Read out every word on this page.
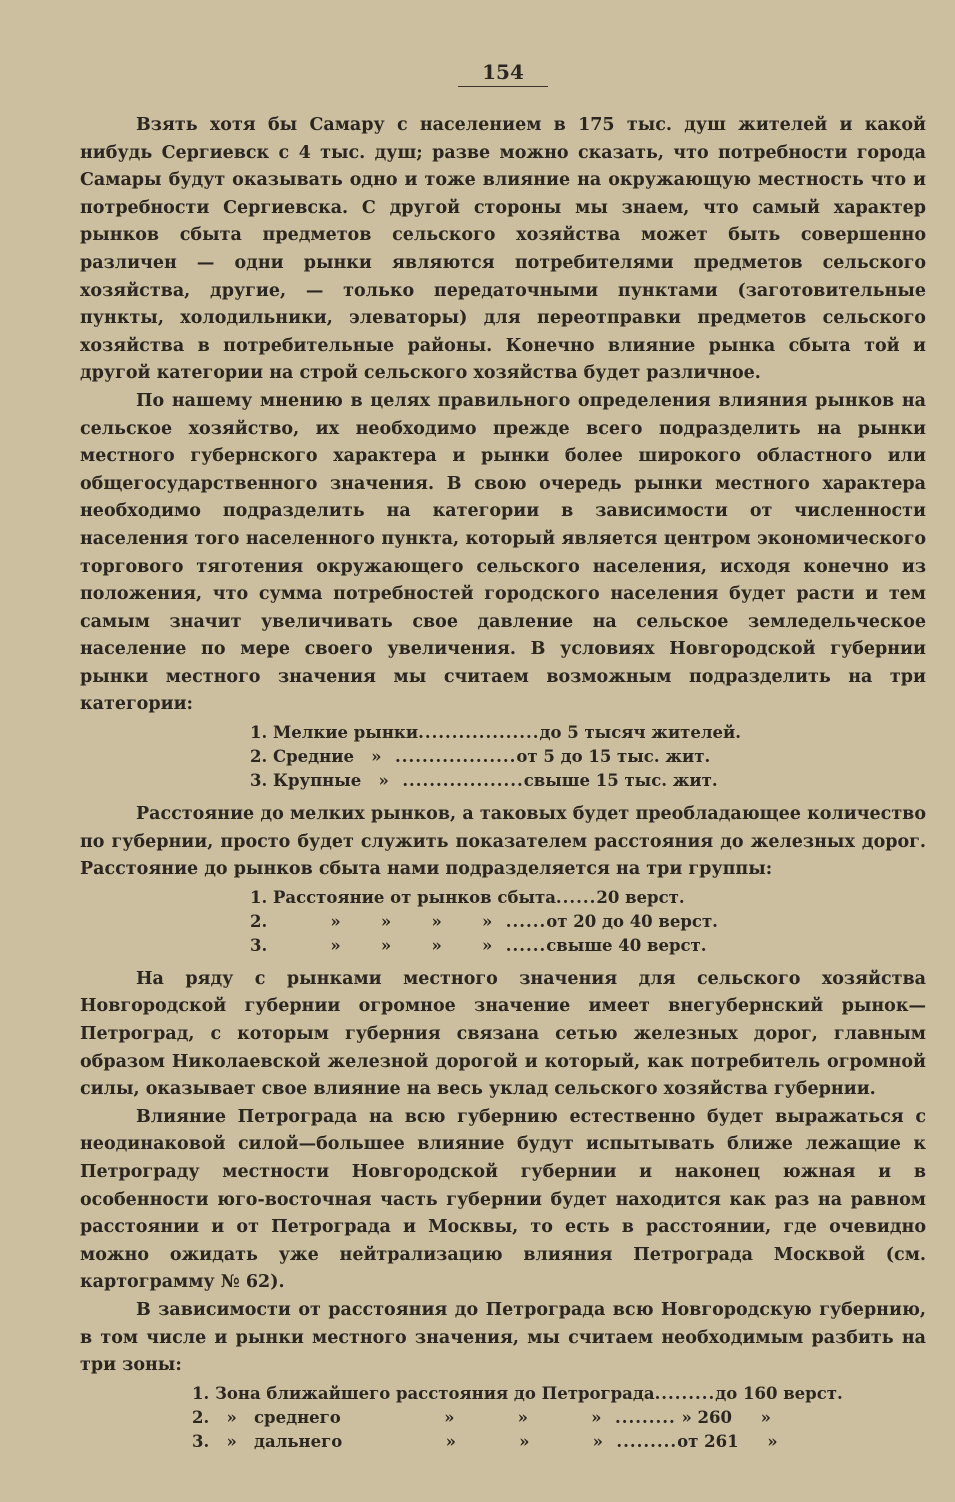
154

Взять хотя бы Самару с населением в 175 тыс. душ жителей и какой нибудь Сергиевск с 4 тыс. душ; разве можно сказать, что потребности города Самары будут оказывать одно и тоже влияние на окружающую местность что и потребности Сергиевска. С другой стороны мы знаем, что самый характер рынков сбыта предметов сельского хозяйства может быть совершенно различен — одни рынки являются потребителями предметов сельского хозяйства, другие, — только передаточными пунктами (заготовительные пункты, холодильники, элеваторы) для переотправки предметов сельского хозяйства в потребительные районы. Конечно влияние рынка сбыта той и другой категории на строй сельского хозяйства будет различное.

По нашему мнению в целях правильного определения влияния рынков на сельское хозяйство, их необходимо прежде всего подразделить на рынки местного губернского характера и рынки более широкого областного или общегосударственного значения. В свою очередь рынки местного характера необходимо подразделить на категории в зависимости от численности населения того населенного пункта, который является центром экономического торгового тяготения окружающего сельского населения, исходя конечно из положения, что сумма потребностей городского населения будет расти и тем самым значит увеличивать свое давление на сельское земледельческое население по мере своего увеличения. В условиях Новгородской губернии рынки местного значения мы считаем возможным подразделить на три категории:

1. Мелкие рынки .................. до 5 тысяч жителей.
2. Средние   » .................. от 5 до 15 тыс. жит.
3. Крупные   » .................. свыше 15 тыс. жит.

Расстояние до мелких рынков, а таковых будет преобладающее количество по губернии, просто будет служить показателем расстояния до железных дорог. Расстояние до рынков сбыта нами подразделяется на три группы:

1. Расстояние от рынков сбыта ...... 20 верст.
2.           »       »       »       » ...... от 20 до 40 верст.
3.           »       »       »       » ...... свыше 40 верст.

На ряду с рынками местного значения для сельского хозяйства Новгородской губернии огромное значение имеет внегубернский рынок—Петроград, с которым губерния связана сетью железных дорог, главным образом Николаевской железной дорогой и который, как потребитель огромной силы, оказывает свое влияние на весь уклад сельского хозяйства губернии.

Влияние Петрограда на всю губернию естественно будет выражаться с неодинаковой силой—большее влияние будут испытывать ближе лежащие к Петрограду местности Новгородской губернии и наконец южная и в особенности юго-восточная часть губернии будет находится как раз на равном расстоянии и от Петрограда и Москвы, то есть в расстоянии, где очевидно можно ожидать уже нейтрализацию влияния Петрограда Москвой (см. картограмму № 62).

В зависимости от расстояния до Петрограда всю Новгородскую губернию, в том числе и рынки местного значения, мы считаем необходимым разбить на три зоны:

1. Зона ближайшего расстояния до Петрограда ......... до 160 верст.
2.   »   среднего                  »           »           » ......... » 260     »
3.   »   дальнего                  »           »           » ......... от 261     »
